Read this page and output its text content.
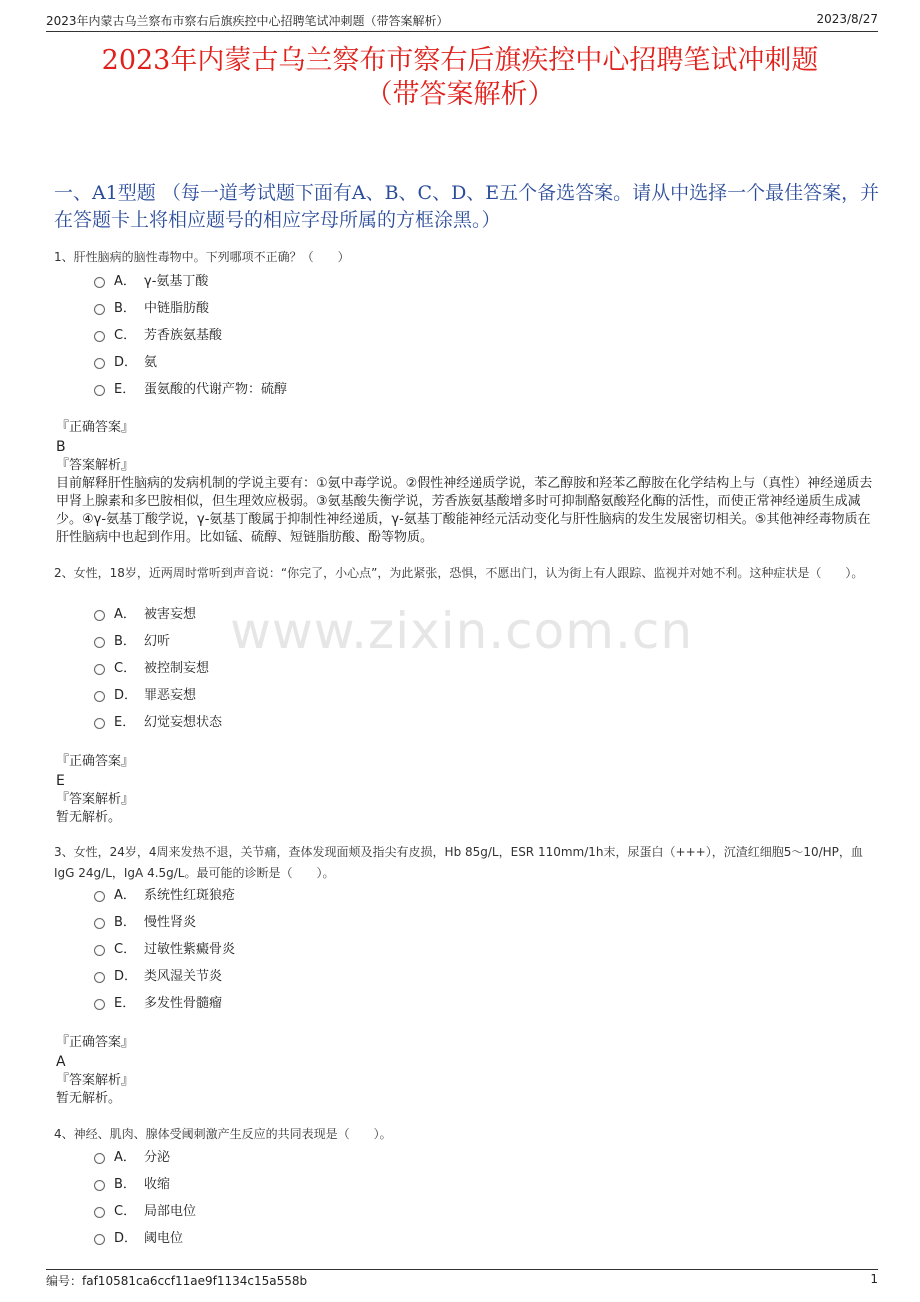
2023年内蒙古乌兰察布市察右后旗疾控中心招聘笔试冲刺题（带答案解析）	2023/8/27
www.zixin.com.cn
2023年内蒙古乌兰察布市察右后旗疾控中心招聘笔试冲刺题
（带答案解析）
一、A1型题 （每一道考试题下面有A、B、C、D、E五个备选答案。请从中选择一个最佳答案，并在答题卡上将相应题号的相应字母所属的方框涂黑。）
1、肝性脑病的脑性毒物中。下列哪项不正确？（　　）
A． γ-氨基丁酸
B． 中链脂肪酸
C． 芳香族氨基酸
D． 氨
E． 蛋氨酸的代谢产物：硫醇
『正确答案』
B
『答案解析』
目前解释肝性脑病的发病机制的学说主要有：①氨中毒学说。②假性神经递质学说，苯乙醇胺和羟苯乙醇胺在化学结构上与（真性）神经递质去甲肾上腺素和多巴胺相似，但生理效应极弱。③氨基酸失衡学说，芳香族氨基酸增多时可抑制酪氨酸羟化酶的活性，而使正常神经递质生成减少。④γ-氨基丁酸学说，γ-氨基丁酸属于抑制性神经递质，γ-氨基丁酸能神经元活动变化与肝性脑病的发生发展密切相关。⑤其他神经毒物质在肝性脑病中也起到作用。比如锰、硫醇、短链脂肪酸、酚等物质。
2、女性，18岁，近两周时常听到声音说：“你完了，小心点”，为此紧张，恐惧，不愿出门，认为街上有人跟踪、监视并对她不利。这种症状是（　　）。
A． 被害妄想
B． 幻听
C． 被控制妄想
D． 罪恶妄想
E． 幻觉妄想状态
『正确答案』
E
『答案解析』
暂无解析。
3、女性，24岁，4周来发热不退，关节痛，查体发现面颊及指尖有皮损，Hb 85g/L，ESR 110mm/1h末，尿蛋白（+++），沉渣红细胞5～10/HP，血IgG 24g/L，IgA 4.5g/L。最可能的诊断是（　　）。
A． 系统性红斑狼疮
B． 慢性肾炎
C． 过敏性紫癜骨炎
D． 类风湿关节炎
E． 多发性骨髓瘤
『正确答案』
A
『答案解析』
暂无解析。
4、神经、肌肉、腺体受阈刺激产生反应的共同表现是（　　）。
A． 分泌
B． 收缩
C． 局部电位
D． 阈电位
编号：faf10581ca6ccf11ae9f1134c15a558b	1
